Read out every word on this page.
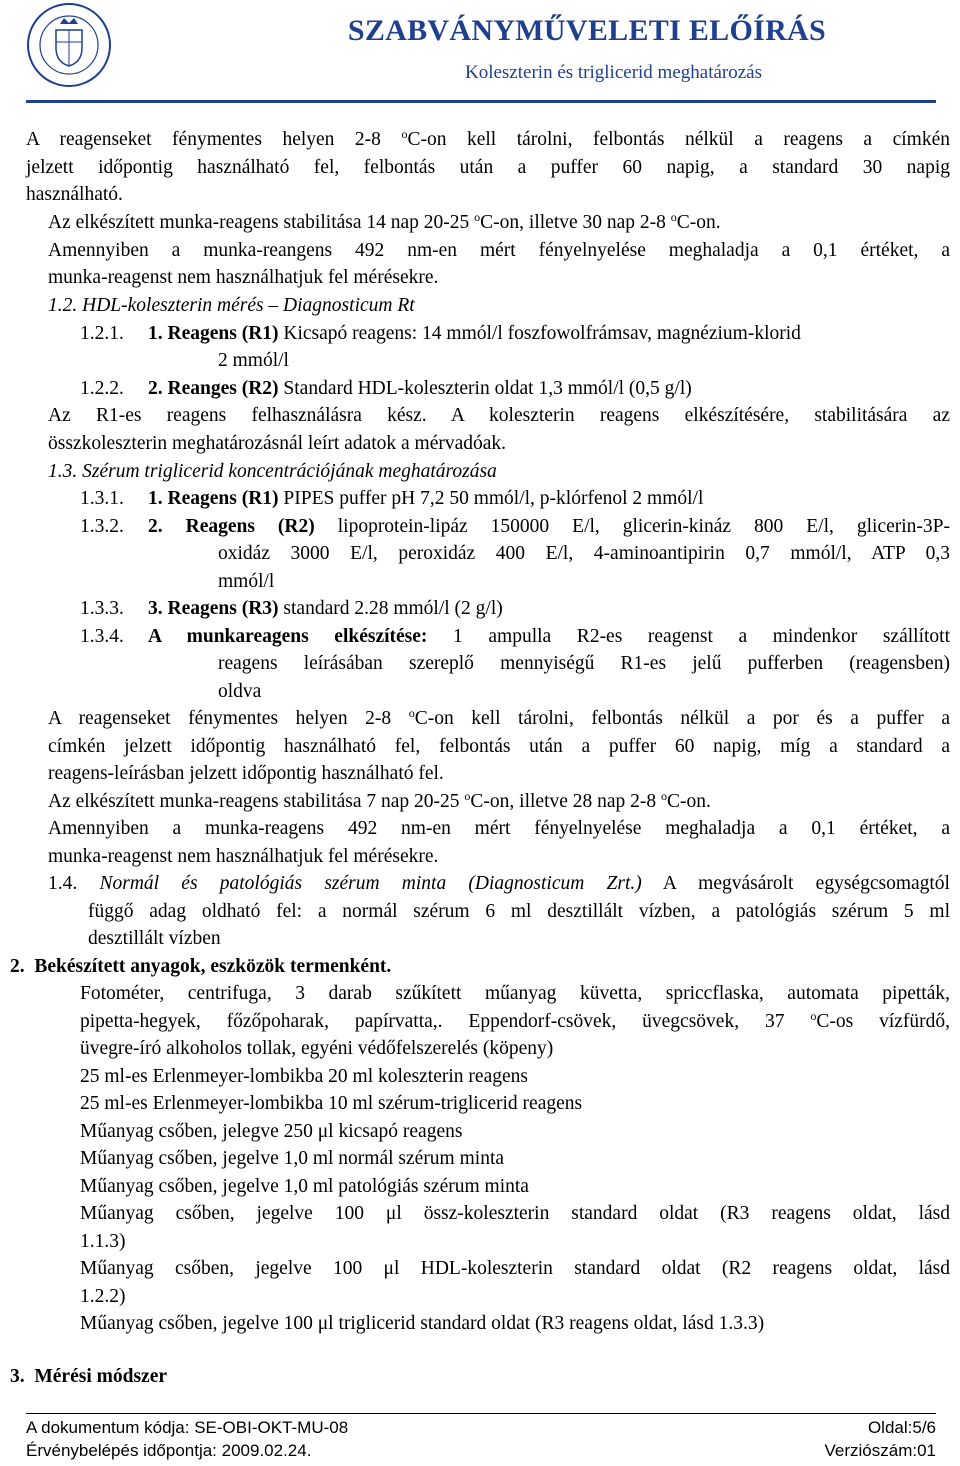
SZABVÁNYMŰVELETI ELŐÍRÁS
Koleszterin és triglicerid meghatározás
A reagenseket fénymentes helyen 2-8 $^o$C-on kell tárolni, felbontás nélkül a reagens a címkén
jelzett időpontig használható fel, felbontás után a puffer 60 napig, a standard 30 napig
használható.
Az elkészített munka-reagens stabilitása 14 nap 20-25 $^o$C-on, illetve 30 nap 2-8 $^o$C-on.
Amennyiben a munka-reangens 492 nm-en mért fényelnyelése meghaladja a 0,1 értéket, a
munka-reagenst nem használhatjuk fel mérésekre.
1.2. HDL-koleszterin mérés – Diagnosticum Rt
1.2.1. 1. Reagens (R1) Kicsapó reagens: 14 mmól/l foszfowolfrámsav, magnézium-klorid
2 mmól/l
1.2.2. 2. Reanges (R2) Standard HDL-koleszterin oldat 1,3 mmól/l (0,5 g/l)
Az R1-es reagens felhasználásra kész. A koleszterin reagens elkészítésére, stabilitására az
összkoleszterin meghatározásnál leírt adatok a mérvadóak.
1.3. Szérum triglicerid koncentrációjának meghatározása
1.3.1. 1. Reagens (R1) PIPES puffer pH 7,2 50 mmól/l, p-klórfenol 2 mmól/l
1.3.2. 2. Reagens (R2) lipoprotein-lipáz 150000 E/l, glicerin-kináz 800 E/l, glicerin-3P-
oxidáz 3000 E/l, peroxidáz 400 E/l, 4-aminoantipirin 0,7 mmól/l, ATP 0,3
mmól/l
1.3.3. 3. Reagens (R3) standard 2.28 mmól/l (2 g/l)
1.3.4. A munkareagens elkészítése: 1 ampulla R2-es reagenst a mindenkor szállított
reagens leírásában szereplő mennyiségű R1-es jelű pufferben (reagensben)
oldva
A reagenseket fénymentes helyen 2-8 $^o$C-on kell tárolni, felbontás nélkül a por és a puffer a
címkén jelzett időpontig használható fel, felbontás után a puffer 60 napig, míg a standard a
reagens-leírásban jelzett időpontig használható fel.
Az elkészített munka-reagens stabilitása 7 nap 20-25 $^o$C-on, illetve 28 nap 2-8 $^o$C-on.
Amennyiben a munka-reagens 492 nm-en mért fényelnyelése meghaladja a 0,1 értéket, a
munka-reagenst nem használhatjuk fel mérésekre.
1.4. Normál és patológiás szérum minta (Diagnosticum Zrt.) A megvásárolt egységcsomagtól
függő adag oldható fel: a normál szérum 6 ml desztillált vízben, a patológiás szérum 5 ml
desztillált vízben
2.  Bekészített anyagok, eszközök termenként.
Fotométer, centrifuga, 3 darab szűkített műanyag küvetta, spriccflaska, automata pipetták,
pipetta-hegyek, főzőpoharak, papírvatta,. Eppendorf-csövek, üvegcsövek, 37 $^o$C-os vízfürdő,
üvegre-író alkoholos tollak, egyéni védőfelszerelés (köpeny)
25 ml-es Erlenmeyer-lombikba 20 ml koleszterin reagens
25 ml-es Erlenmeyer-lombikba 10 ml szérum-triglicerid reagens
Műanyag csőben, jelegve 250 μl kicsapó reagens
Műanyag csőben, jegelve 1,0 ml normál szérum minta
Műanyag csőben, jegelve 1,0 ml patológiás szérum minta
Műanyag csőben, jegelve 100 μl össz-koleszterin standard oldat (R3 reagens oldat, lásd
1.1.3)
Műanyag csőben, jegelve 100 μl HDL-koleszterin standard oldat (R2 reagens oldat, lásd
1.2.2)
Műanyag csőben, jegelve 100 μl triglicerid standard oldat (R3 reagens oldat, lásd 1.3.3)
3.  Mérési módszer
A dokumentum kódja: SE-OBI-OKT-MU-08
Érvénybelépés időpontja: 2009.02.24.
Oldal:5/6
Verziószám:01
